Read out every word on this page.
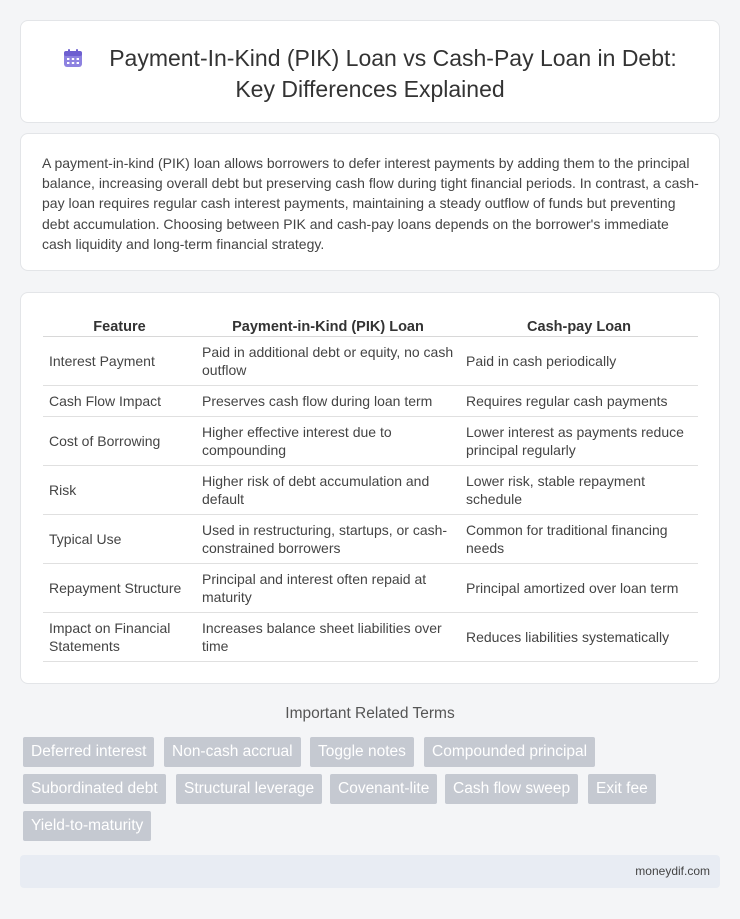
Payment-In-Kind (PIK) Loan vs Cash-Pay Loan in Debt:
Key Differences Explained

A payment-in-kind (PIK) loan allows borrowers to defer interest payments by adding them to the principal balance, increasing overall debt but preserving cash flow during tight financial periods. In contrast, a cash-pay loan requires regular cash interest payments, maintaining a steady outflow of funds but preventing debt accumulation. Choosing between PIK and cash-pay loans depends on the borrower's immediate cash liquidity and long-term financial strategy.

Feature	Payment-in-Kind (PIK) Loan	Cash-pay Loan
Interest Payment	Paid in additional debt or equity, no cash outflow	Paid in cash periodically
Cash Flow Impact	Preserves cash flow during loan term	Requires regular cash payments
Cost of Borrowing	Higher effective interest due to compounding	Lower interest as payments reduce principal regularly
Risk	Higher risk of debt accumulation and default	Lower risk, stable repayment schedule
Typical Use	Used in restructuring, startups, or cash-constrained borrowers	Common for traditional financing needs
Repayment Structure	Principal and interest often repaid at maturity	Principal amortized over loan term
Impact on Financial Statements	Increases balance sheet liabilities over time	Reduces liabilities systematically
Important Related Terms
Deferred interest	Non-cash accrual	Toggle notes	Compounded principal
Subordinated debt	Structural leverage	Covenant-lite	Cash flow sweep	Exit fee
Yield-to-maturity
moneydif.com
